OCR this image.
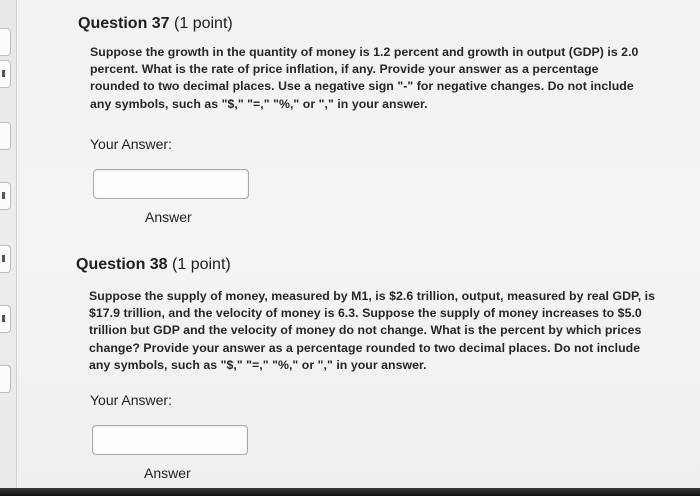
Question 37 (1 point)
Suppose the growth in the quantity of money is 1.2 percent and growth in output (GDP) is 2.0
percent. What is the rate of price inflation, if any. Provide your answer as a percentage
rounded to two decimal places. Use a negative sign "-" for negative changes. Do not include
any symbols, such as "$," "=," "%," or "," in your answer.
Your Answer:
Answer
Question 38 (1 point)
Suppose the supply of money, measured by M1, is $2.6 trillion, output, measured by real GDP, is
$17.9 trillion, and the velocity of money is 6.3. Suppose the supply of money increases to $5.0
trillion but GDP and the velocity of money do not change. What is the percent by which prices
change? Provide your answer as a percentage rounded to two decimal places. Do not include
any symbols, such as "$," "=," "%," or "," in your answer.
Your Answer:
Answer
